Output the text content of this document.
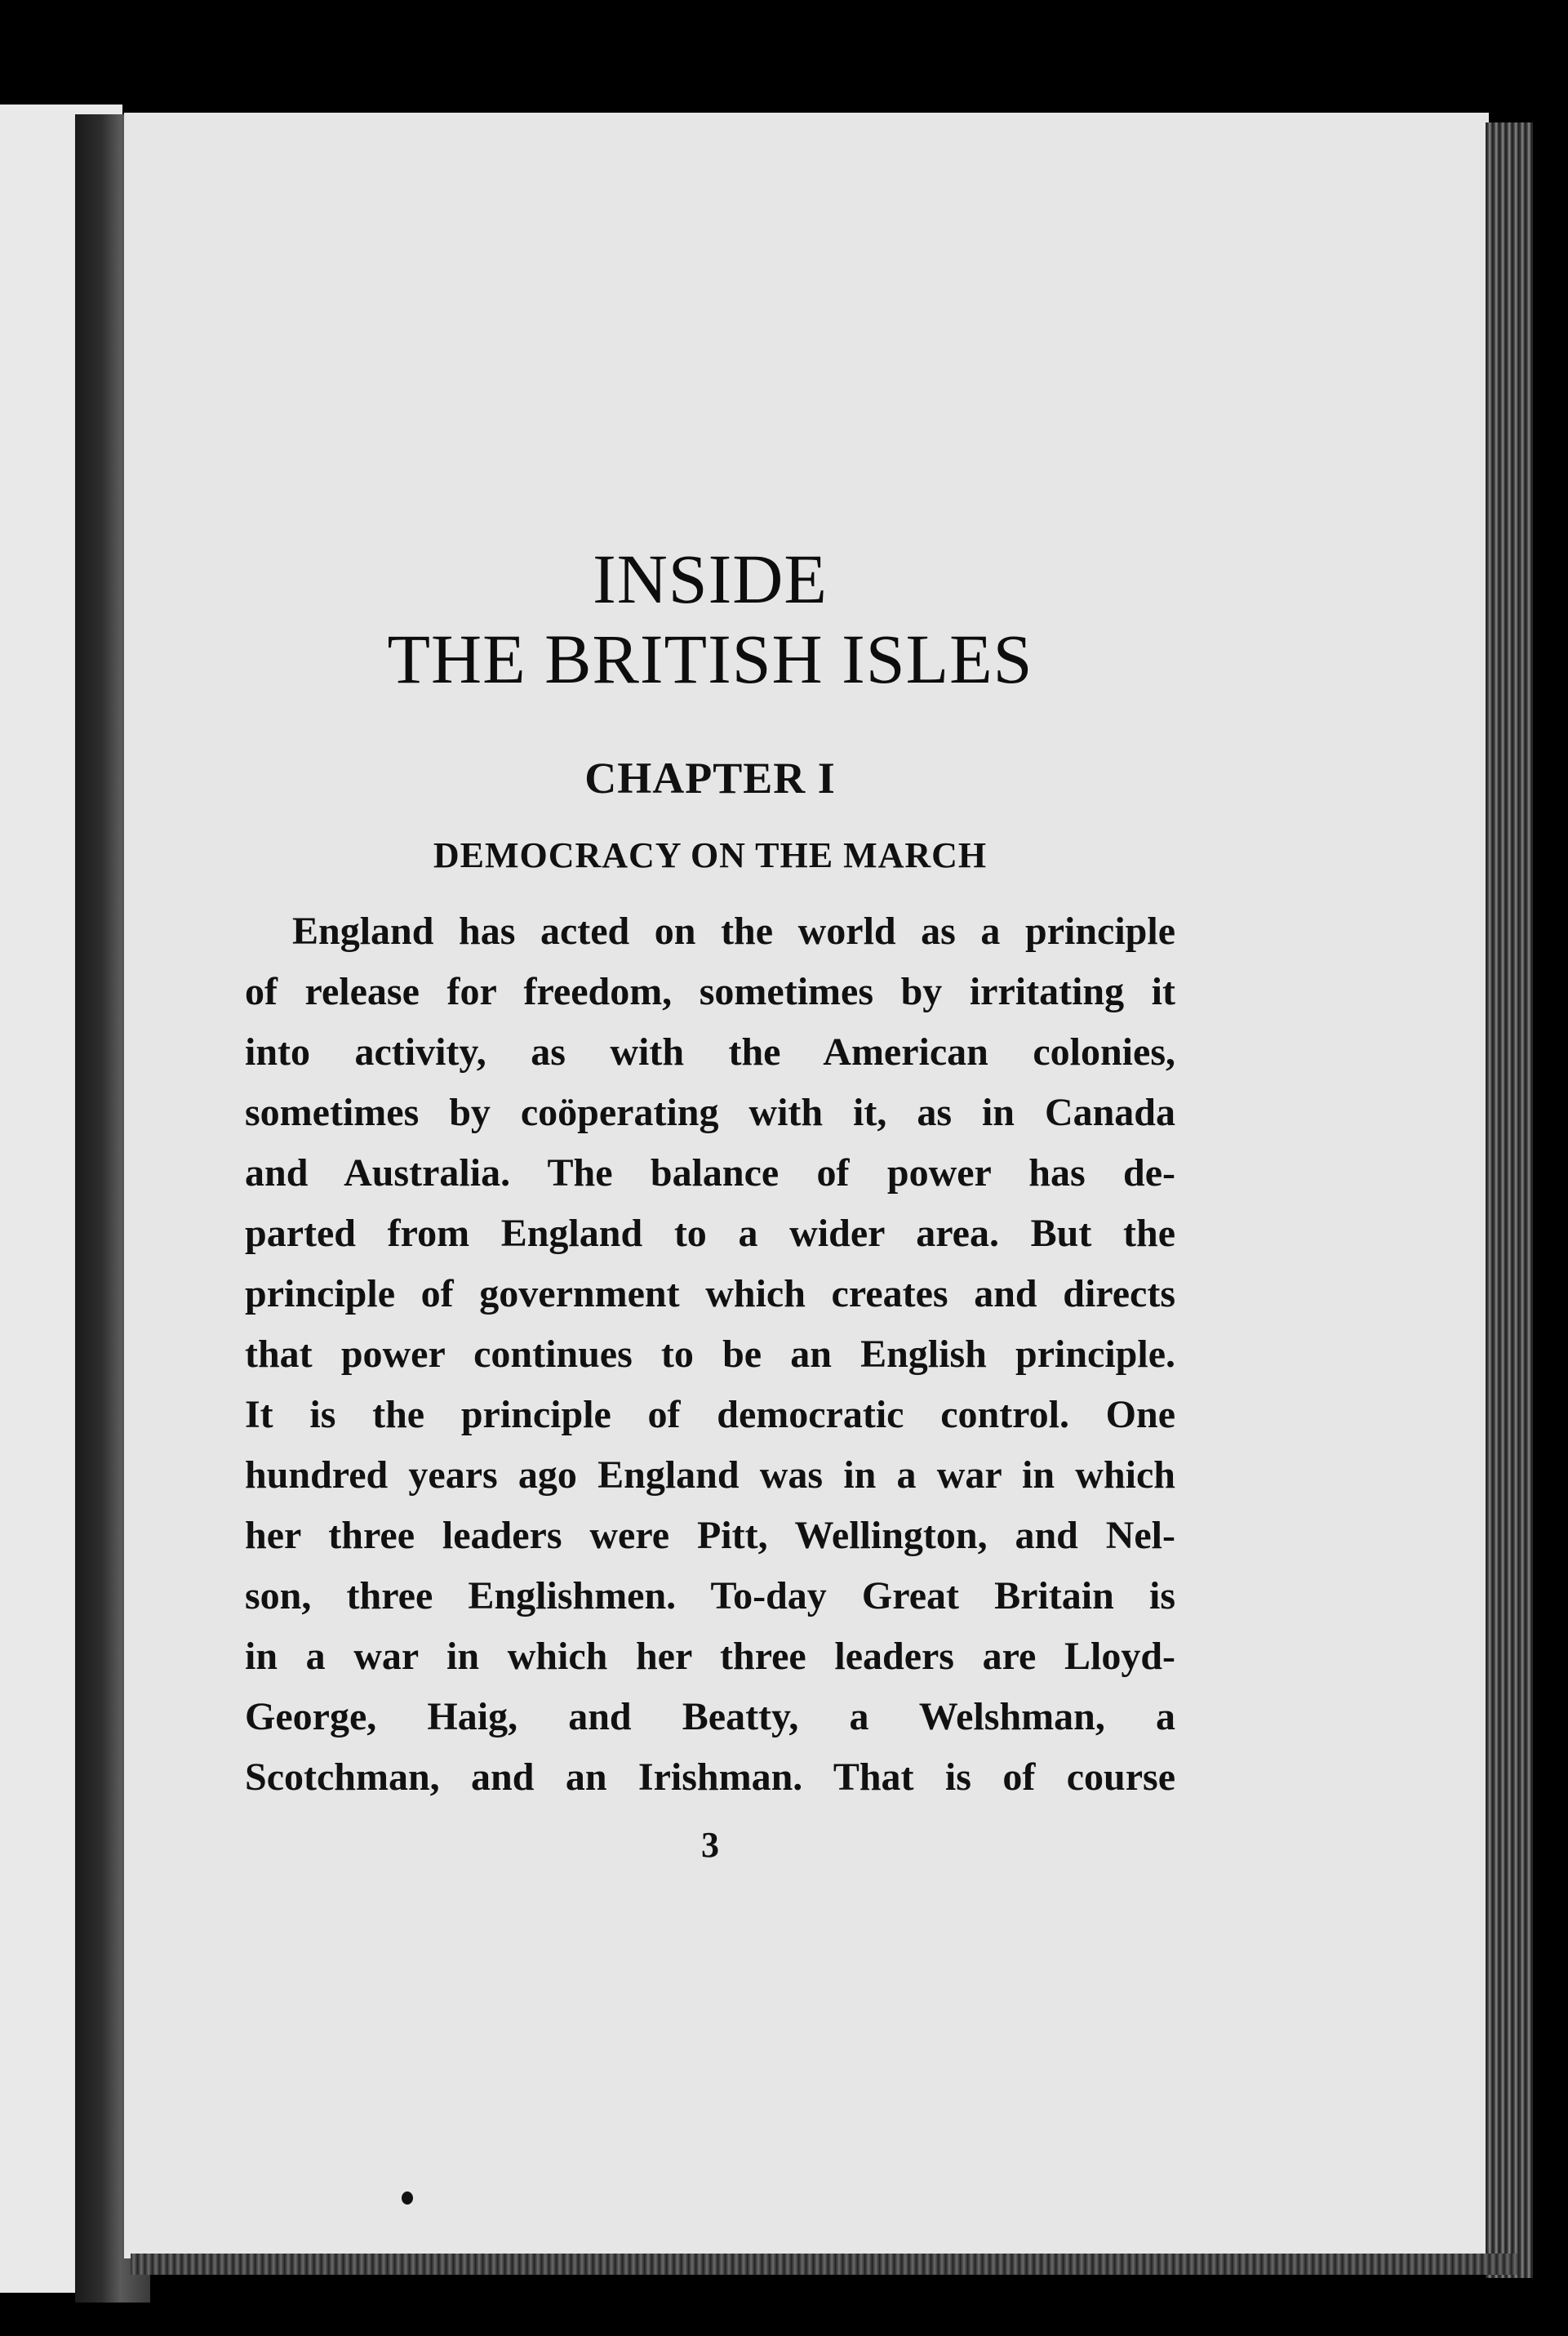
INSIDE
THE BRITISH ISLES
CHAPTER I
DEMOCRACY ON THE MARCH
England has acted on the world as a principle
of release for freedom, sometimes by irritating it
into activity, as with the American colonies,
sometimes by coöperating with it, as in Canada
and Australia. The balance of power has de-
parted from England to a wider area. But the
principle of government which creates and directs
that power continues to be an English principle.
It is the principle of democratic control. One
hundred years ago England was in a war in which
her three leaders were Pitt, Wellington, and Nel-
son, three Englishmen. To-day Great Britain is
in a war in which her three leaders are Lloyd-
George, Haig, and Beatty, a Welshman, a
Scotchman, and an Irishman. That is of course
3
